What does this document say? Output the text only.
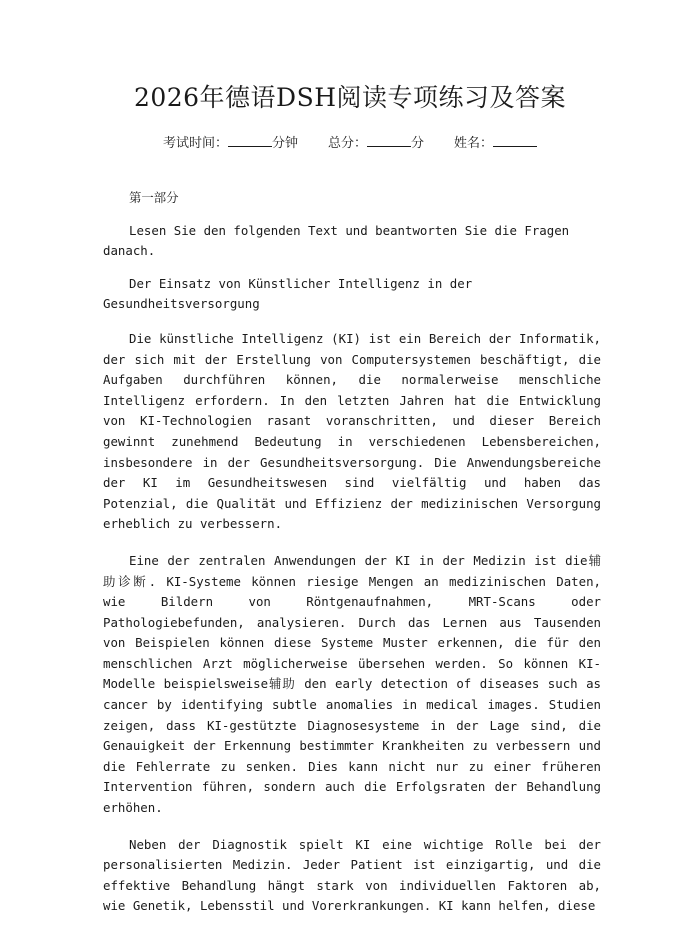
2026年德语DSH阅读专项练习及答案
考试时间：	分钟 总分：	分 姓名：

第一部分

Lesen Sie den folgenden Text und beantworten Sie die Fragen danach.

Der Einsatz von Künstlicher Intelligenz in der Gesundheitsversorgung

Die künstliche Intelligenz (KI) ist ein Bereich der Informatik, der sich mit der Erstellung von Computersystemen beschäftigt, die Aufgaben durchführen können, die normalerweise menschliche Intelligenz erfordern. In den letzten Jahren hat die Entwicklung von KI-Technologien rasant voranschritten, und dieser Bereich gewinnt zunehmend Bedeutung in verschiedenen Lebensbereichen, insbesondere in der Gesundheitsversorgung. Die Anwendungsbereiche der KI im Gesundheitswesen sind vielfältig und haben das Potenzial, die Qualität und Effizienz der medizinischen Versorgung erheblich zu verbessern.

Eine der zentralen Anwendungen der KI in der Medizin ist die辅助诊断. KI-Systeme können riesige Mengen an medizinischen Daten, wie Bildern von Röntgenaufnahmen, MRT-Scans oder Pathologiebefunden, analysieren. Durch das Lernen aus Tausenden von Beispielen können diese Systeme Muster erkennen, die für den menschlichen Arzt möglicherweise übersehen werden. So können KI-Modelle beispielsweise辅助 den early detection of diseases such as cancer by identifying subtle anomalies in medical images. Studien zeigen, dass KI-gestützte Diagnosesysteme in der Lage sind, die Genauigkeit der Erkennung bestimmter Krankheiten zu verbessern und die Fehlerrate zu senken. Dies kann nicht nur zu einer früheren Intervention führen, sondern auch die Erfolgsraten der Behandlung erhöhen.

Neben der Diagnostik spielt KI eine wichtige Rolle bei der personalisierten Medizin. Jeder Patient ist einzigartig, und die effektive Behandlung hängt stark von individuellen Faktoren ab, wie Genetik, Lebensstil und Vorerkrankungen. KI kann helfen, diese
